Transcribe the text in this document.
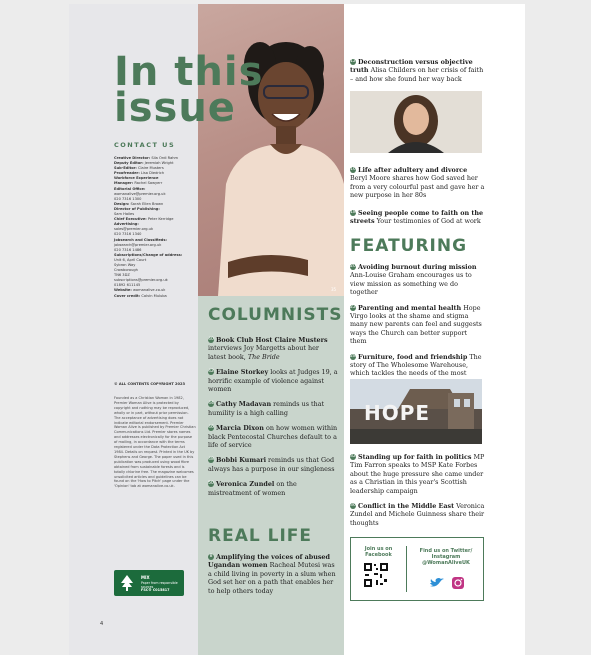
35
In this
issue
CONTACT US
Creative Director: Sila Ordi Rahm
Deputy Editor: Jeremiah Wright
Sub-Editor: Claire Musters
Proofreader: Lisa Diedrich
Workforce Experience
Manager: Rachel Sawyerr
Editorial Office:
womanalive@premier.org.uk
020 7316 1300
Design: Sarah Ellen Brown
Director of Publishing:
Sam Hailes
Chief Executive: Peter Kerridge
Advertising:
sales@premier.org.uk
020 7316 1340
Jobsearch and Classifieds:
jobsearch@premier.org.uk
020 7316 1486
Subscriptions/Change of address:
Unit 6, April Court
Sybron Way
Crowborough
TN6 3DZ
subscriptions@premier.org.uk
01892 611145
Website: womanalive.co.uk
Cover credit: Calvin Muluba
© ALL CONTENTS COPYRIGHT 2023
Founded as a Christian Woman in 1982, Premier Woman Alive is protected by copyright and nothing may be reproduced, wholly or in part, without prior permission. The acceptance of advertising does not indicate editorial endorsement. Premier Woman Alive is published by Premier Christian Communications Ltd. Premier stores names and addresses electronically for the purpose of mailing, in accordance with the terms registered under the Data Protection Act 1984. Details on request. Printed in the UK by Stephens and George. The paper used in this publication was produced using wood fibre obtained from sustainable forests and is totally chlorine free. The magazine welcomes unsolicited articles and guidelines can be found on the 'How to Pitch' page under the 'Opinion' tab at womanalive.co.uk.
MIX
Paper from responsible sources
FSC® C015817
4
COLUMNISTS
40 Book Club Host Claire Musters interviews Joy Margetts about her latest book, The Bride
42 Elaine Storkey looks at Judges 19, a horrific example of violence against women
44 Cathy Madavan reminds us that humility is a high calling
46 Marcia Dixon on how women within black Pentecostal Churches default to a life of service
48 Bobbi Kumari reminds us that God always has a purpose in our singleness
50 Veronica Zundel on the mistreatment of women
REAL LIFE
8 Amplifying the voices of abused Ugandan women Racheal Mutesi was a child living in poverty in a slum when God set her on a path that enables her to help others today
12 Deconstruction versus objective truth Alisa Childers on her crisis of faith – and how she found her way back
16 Life after adultery and divorce Beryl Moore shares how God saved her from a very colourful past and gave her a new purpose in her 80s
18 Seeing people come to faith on the streets Your testimonies of God at work
FEATURING
20 Avoiding burnout during mission Ann-Louise Graham encourages us to view mission as something we do together
22 Parenting and mental health Hope Virgo looks at the shame and stigma many new parents can feel and suggests ways the Church can better support them
28 Furniture, food and friendship The story of The Wholesome Warehouse, which tackles the needs of the most
HOPE
32 Standing up for faith in politics MP Tim Farron speaks to MSP Kate Forbes about the huge pressure she came under as a Christian in this year's Scottish leadership campaign
36 Conflict in the Middle East Veronica Zundel and Michele Guinness share their thoughts
Join us on Facebook
Find us on Twitter/ Instagram
@WomanAliveUK
